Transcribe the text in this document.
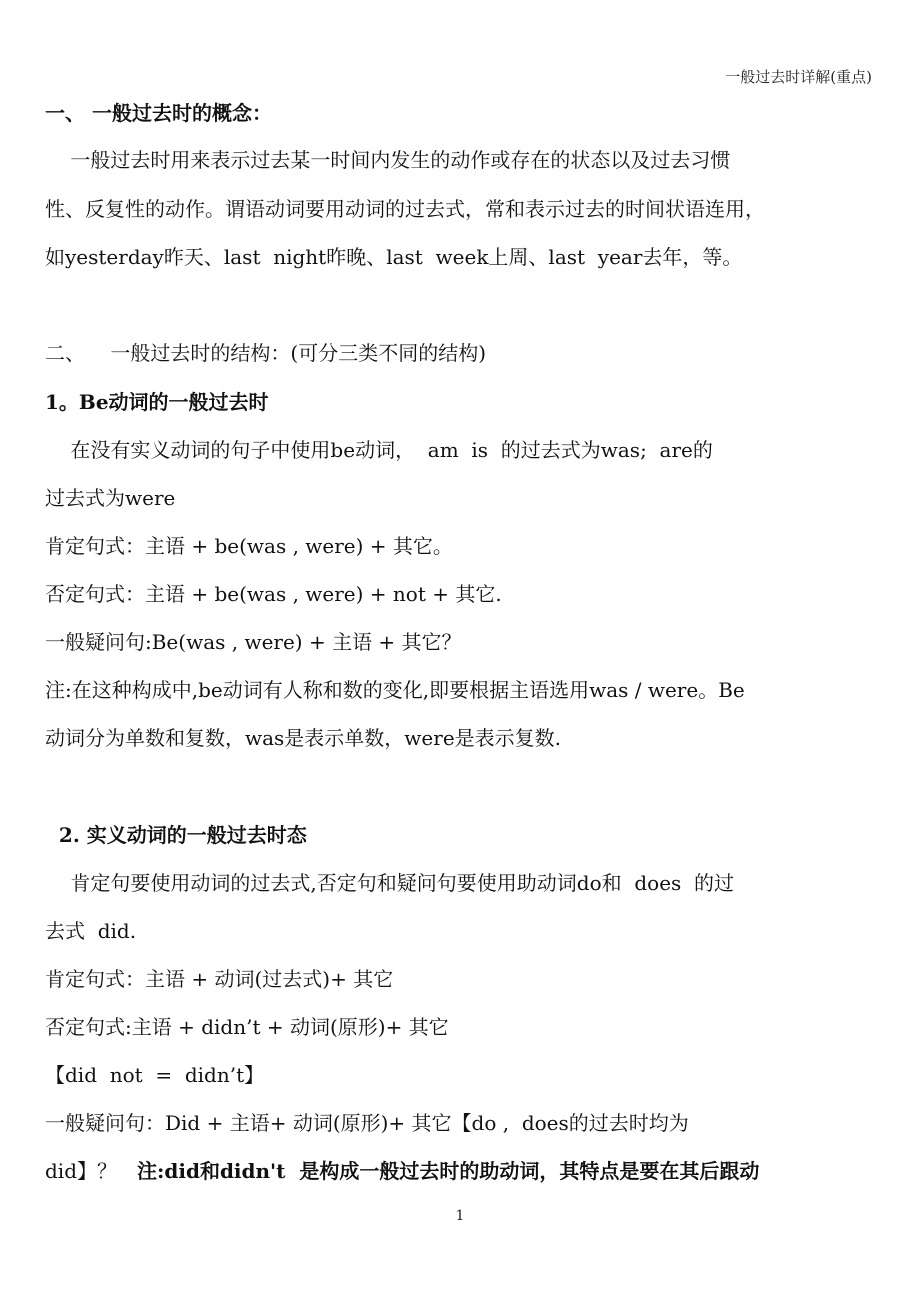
一般过去时详解(重点)
一、 一般过去时的概念：
一般过去时用来表示过去某一时间内发生的动作或存在的状态以及过去习惯
性、反复性的动作。谓语动词要用动词的过去式，常和表示过去的时间状语连用，
如yesterday昨天、last  night昨晚、last  week上周、last  year去年，等。
二、    一般过去时的结构：(可分三类不同的结构)
1。Be动词的一般过去时
在没有实义动词的句子中使用be动词，  am  is  的过去式为was;  are的
过去式为were
肯定句式：主语 + be(was , were) + 其它。
否定句式：主语 + be(was , were) + not + 其它.
一般疑问句:Be(was , were) + 主语 + 其它？
注:在这种构成中,be动词有人称和数的变化,即要根据主语选用was / were。Be
动词分为单数和复数，was是表示单数，were是表示复数.
2. 实义动词的一般过去时态
肯定句要使用动词的过去式,否定句和疑问句要使用助动词do和  does  的过
去式  did.
肯定句式：主语 + 动词(过去式)+ 其它
否定句式:主语 + didn’t + 动词(原形)+ 其它
【did  not  =  didn’t】
一般疑问句：Did + 主语+ 动词(原形)+ 其它【do ,  does的过去时均为
did】？ 注:did和didn't  是构成一般过去时的助动词，其特点是要在其后跟动
1
